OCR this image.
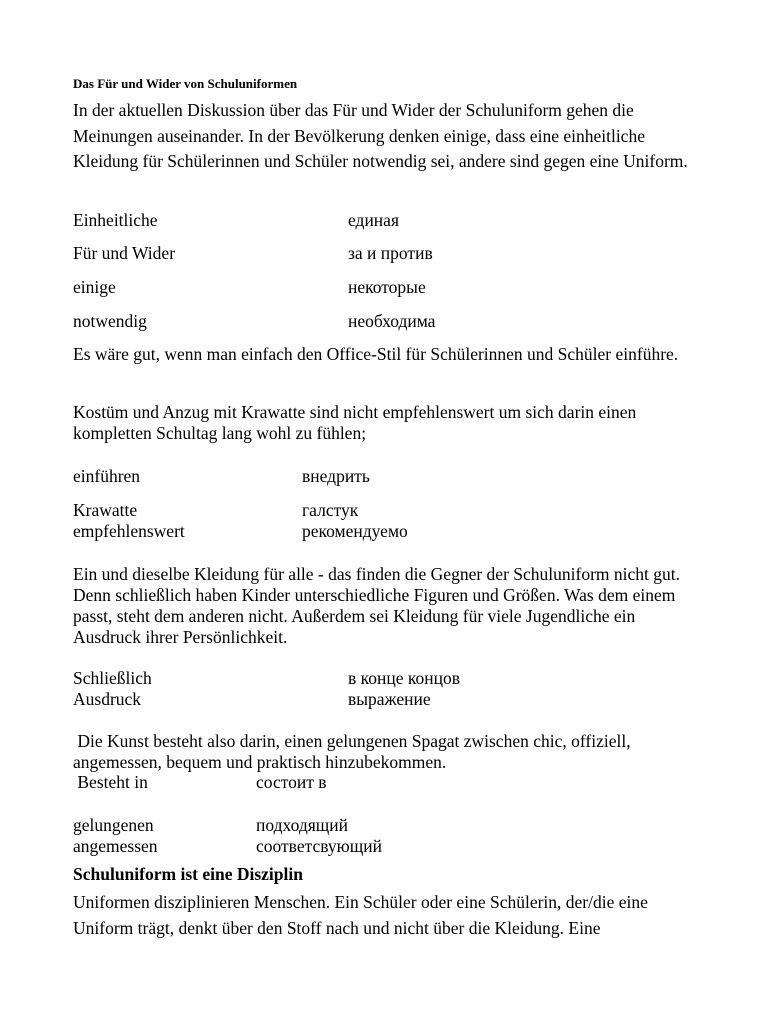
Das Für und Wider von Schuluniformen
In der aktuellen Diskussion über das Für und Wider der Schuluniform gehen die Meinungen auseinander. In der Bevölkerung denken einige, dass eine einheitliche Kleidung für Schülerinnen und Schüler notwendig sei, andere sind gegen eine Uniform.
Einheitliche	единая
Für und Wider	за и против
einige	некоторые
notwendig	необходима
Es wäre gut, wenn man einfach den Office-Stil für Schülerinnen und Schüler einführe.
Kostüm und Anzug mit Krawatte sind nicht empfehlenswert um sich darin einen kompletten Schultag lang wohl zu fühlen;
einführen	внедрить
Krawatte	галстук
empfehlenswert	рекомендуемо
Ein und dieselbe Kleidung für alle - das finden die Gegner der Schuluniform nicht gut. Denn schließlich haben Kinder unterschiedliche Figuren und Größen. Was dem einem passt, steht dem anderen nicht. Außerdem sei Kleidung für viele Jugendliche ein Ausdruck ihrer Persönlichkeit.
Schließlich	в конце концов
Ausdruck	выражение
Die Kunst besteht also darin, einen gelungenen Spagat zwischen chic, offiziell, angemessen, bequem und praktisch hinzubekommen.
Besteht in	состоит в
gelungenen	подходящий
angemessen	соответсвующий
Schuluniform ist eine Disziplin
Uniformen disziplinieren Menschen. Ein Schüler oder eine Schülerin, der/die eine Uniform trägt, denkt über den Stoff nach und nicht über die Kleidung. Eine
